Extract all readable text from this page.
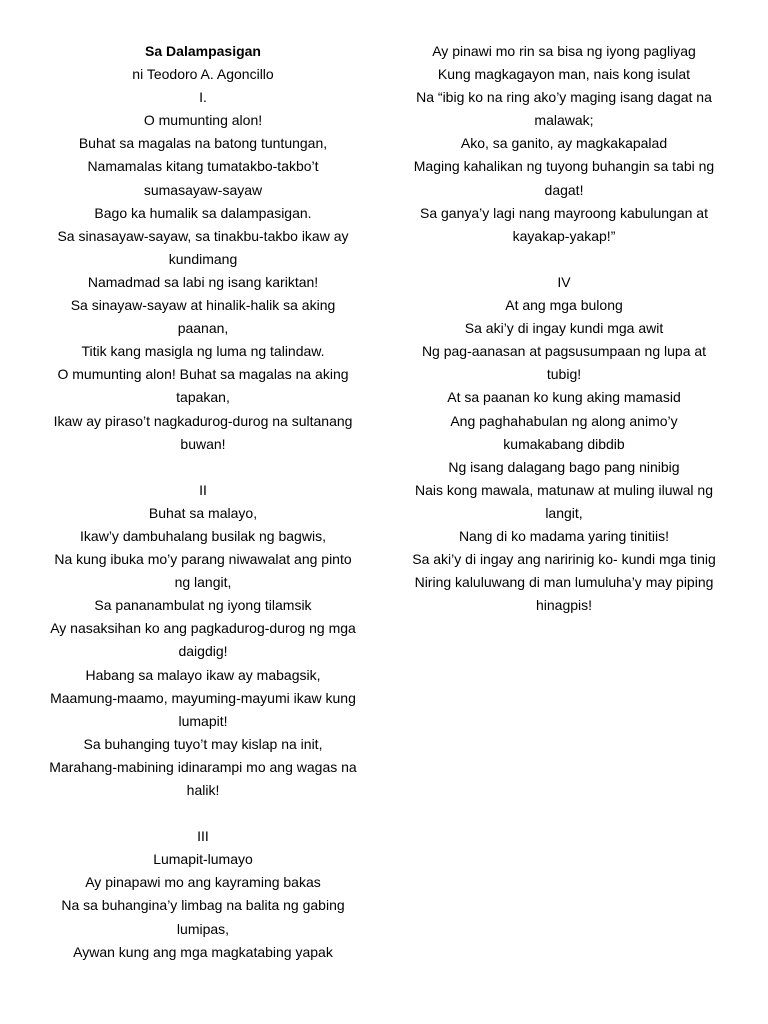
Sa Dalampasigan
ni Teodoro A. Agoncillo
I.
O mumunting alon!
Buhat sa magalas na batong tuntungan,
Namamalas kitang tumatakbo-takbo’t
sumasayaw-sayaw
Bago ka humalik sa dalampasigan.
Sa sinasayaw-sayaw, sa tinakbu-takbo ikaw ay
kundimang
Namadmad sa labi ng isang kariktan!
Sa sinayaw-sayaw at hinalik-halik sa aking
paanan,
Titik kang masigla ng luma ng talindaw.
O mumunting alon! Buhat sa magalas na aking
tapakan,
Ikaw ay piraso’t nagkadurog-durog na sultanang
buwan!
II
Buhat sa malayo,
Ikaw’y dambuhalang busilak ng bagwis,
Na kung ibuka mo’y parang niwawalat ang pinto
ng langit,
Sa pananambulat ng iyong tilamsik
Ay nasaksihan ko ang pagkadurog-durog ng mga
daigdig!
Habang sa malayo ikaw ay mabagsik,
Maamung-maamo, mayuming-mayumi ikaw kung
lumapit!
Sa buhanging tuyo’t may kislap na init,
Marahang-mabining idinarampi mo ang wagas na
halik!
III
Lumapit-lumayo
Ay pinapawi mo ang kayraming bakas
Na sa buhangina’y limbag na balita ng gabing
lumipas,
Aywan kung ang mga magkatabing yapak
Ay pinawi mo rin sa bisa ng iyong pagliyag
Kung magkagayon man, nais kong isulat
Na “ibig ko na ring ako’y maging isang dagat na
malawak;
Ako, sa ganito, ay magkakapalad
Maging kahalikan ng tuyong buhangin sa tabi ng
dagat!
Sa ganya’y lagi nang mayroong kabulungan at
kayakap-yakap!”
IV
At ang mga bulong
Sa aki’y di ingay kundi mga awit
Ng pag-aanasan at pagsusumpaan ng lupa at
tubig!
At sa paanan ko kung aking mamasid
Ang paghahabulan ng along animo’y
kumakabang dibdib
Ng isang dalagang bago pang ninibig
Nais kong mawala, matunaw at muling iluwal ng
langit,
Nang di ko madama yaring tinitiis!
Sa aki’y di ingay ang naririnig ko- kundi mga tinig
Niring kaluluwang di man lumuluha’y may piping
hinagpis!
